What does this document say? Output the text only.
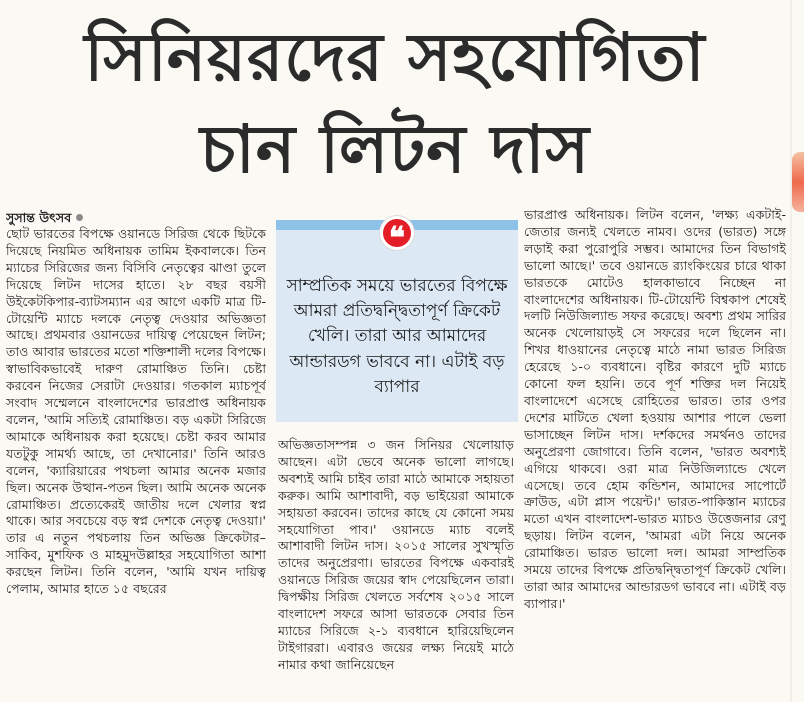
সিনিয়রদের সহযোগিতা
চান লিটন দাস
সুসান্ত উৎসব

ছোট ভারতের বিপক্ষে ওয়ানডে সিরিজ থেকে ছিটকে দিয়েছে নিয়মিত অধিনায়ক তামিম ইকবালকে। তিন ম্যাচের সিরিজের জন্য বিসিবি নেতৃত্বের ঝাণ্ডা তুলে দিয়েছে লিটন দাসের হাতে। ২৮ বছর বয়সী উইকেটকিপার-ব্যাটসম্যান এর আগে একটি মাত্র টি-টোয়েন্টি ম্যাচে দলকে নেতৃত্ব দেওয়ার অভিজ্ঞতা আছে। প্রথমবার ওয়ানডের দায়িত্ব পেয়েছেন লিটন; তাও আবার ভারতের মতো শক্তিশালী দলের বিপক্ষে। স্বাভাবিকভাবেই দারুণ রোমাঞ্চিত তিনি। চেষ্টা করবেন নিজের সেরাটা দেওয়ার। গতকাল ম্যাচপূর্ব সংবাদ সম্মেলনে বাংলাদেশের ভারপ্রাপ্ত অধিনায়ক বলেন, 'আমি সত্যিই রোমাঞ্চিত। বড় একটা সিরিজে আমাকে অধিনায়ক করা হয়েছে। চেষ্টা করব আমার যতটুকু সামর্থ্য আছে, তা দেখানোর।' তিনি আরও বলেন, 'ক্যারিয়ারের পথচলা আমার অনেক মজার ছিল। অনেক উত্থান-পতন ছিল। আমি অনেক অনেক রোমাঞ্চিত। প্রত্যেকেরই জাতীয় দলে খেলার স্বপ্ন থাকে। আর সবচেয়ে বড় স্বপ্ন দেশকে নেতৃত্ব দেওয়া।' তার এ নতুন পথচলায় তিন অভিজ্ঞ ক্রিকেটার– সাকিব, মুশফিক ও মাহমুদউল্লাহর সহযোগিতা আশা করছেন লিটন। তিনি বলেন, 'আমি যখন দায়িত্ব পেলাম, আমার হাতে ১৫ বছরের

❝
সাম্প্রতিক সময়ে ভারতের বিপক্ষে আমরা প্রতিদ্বন্দ্বিতাপূর্ণ ক্রিকেট খেলি। তারা আর আমাদের আন্ডারডগ ভাববে না। এটাই বড় ব্যাপার

অভিজ্ঞতাসম্পন্ন ৩ জন সিনিয়র খেলোয়াড় আছেন। এটা ভেবে অনেক ভালো লাগছে। অবশ্যই আমি চাইব তারা মাঠে আমাকে সহায়তা করুক। আমি আশাবাদী, বড় ভাইয়েরা আমাকে সহায়তা করবেন। তাদের কাছে যে কোনো সময় সহযোগিতা পাব।' ওয়ানডে ম্যাচ বলেই আশাবাদী লিটন দাস। ২০১৫ সালের সুখস্মৃতি তাদের অনুপ্রেরণা। ভারতের বিপক্ষে একবারই ওয়ানডে সিরিজ জয়ের স্বাদ পেয়েছিলেন তারা। দ্বিপক্ষীয় সিরিজ খেলতে সর্বশেষ ২০১৫ সালে বাংলাদেশ সফরে আসা ভারতকে সেবার তিন ম্যাচের সিরিজে ২-১ ব্যবধানে হারিয়েছিলেন টাইগাররা। এবারও জয়ের লক্ষ্য নিয়েই মাঠে নামার কথা জানিয়েছেন

ভারপ্রাপ্ত অধিনায়ক। লিটন বলেন, 'লক্ষ্য একটাই- জেতার জন্যই খেলতে নামব। ওদের (ভারত) সঙ্গে লড়াই করা পুরোপুরি সম্ভব। আমাদের তিন বিভাগই ভালো আছে।' তবে ওয়ানডে র‌্যাংকিংয়ের চারে থাকা ভারতকে মোটেও হালকাভাবে নিচ্ছেন না বাংলাদেশের অধিনায়ক। টি-টোয়েন্টি বিশ্বকাপ শেষেই দলটি নিউজিল্যান্ড সফর করেছে। অবশ্য প্রথম সারির অনেক খেলোয়াড়ই সে সফরের দলে ছিলেন না। শিখর ধাওয়ানের নেতৃত্বে মাঠে নামা ভারত সিরিজ হেরেছে ১-০ ব্যবধানে। বৃষ্টির কারণে দুটি ম্যাচে কোনো ফল হয়নি। তবে পূর্ণ শক্তির দল নিয়েই বাংলাদেশে এসেছে রোহিতের ভারত। তার ওপর দেশের মাটিতে খেলা হওয়ায় আশার পালে ভেলা ভাসাচ্ছেন লিটন দাস। দর্শকদের সমর্থনও তাদের অনুপ্রেরণা জোগাবে। তিনি বলেন, 'ভারত অবশ্যই এগিয়ে থাকবে। ওরা মাত্র নিউজিল্যান্ডে খেলে এসেছে। তবে হোম কন্ডিশন, আমাদের সাপোর্টে ক্রাউড, এটা প্লাস পয়েন্ট।' ভারত-পাকিস্তান ম্যাচের মতো এখন বাংলাদেশ-ভারত ম্যাচও উত্তেজনার রেণু ছড়ায়। লিটন বলেন, 'আমরা এটা নিয়ে অনেক রোমাঞ্চিত। ভারত ভালো দল। আমরা সাম্প্রতিক সময়ে তাদের বিপক্ষে প্রতিদ্বন্দ্বিতাপূর্ণ ক্রিকেট খেলি। তারা আর আমাদের আন্ডারডগ ভাববে না। এটাই বড় ব্যাপার।'
